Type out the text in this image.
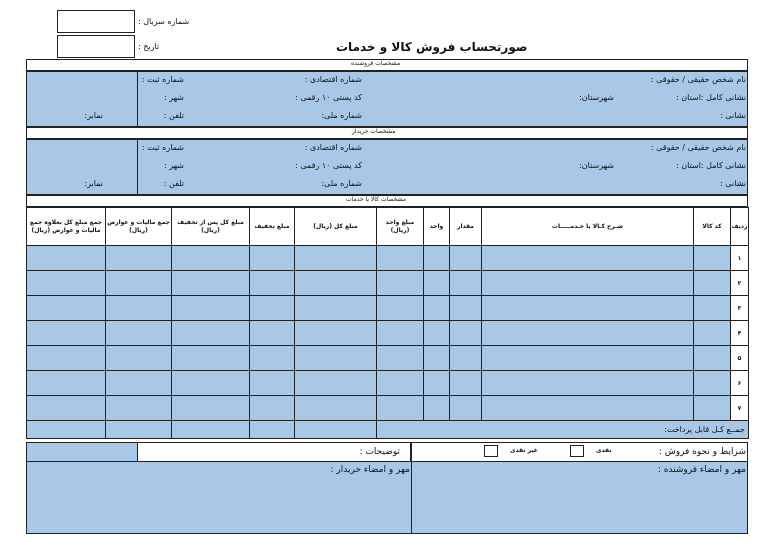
شماره سریال :
تاریخ :	صورتحساب فروش کالا و خدمات
مشخصات فروشنده
نام شخص حقیقی / حقوقی :
شماره اقتصادی :
شماره ثبت :
نشانی کامل :استان :
شهرستان:
کد پستی ۱۰ رقمی :
شهر :
نشانی :
شماره ملی:
تلفن :
نمابر:
مشخصات خریدار
نام شخص حقیقی / حقوقی :
شماره اقتصادی :
شماره ثبت :
نشانی کامل :استان :
شهرستان:
کد پستی ۱۰ رقمی :
شهر :
نشانی :
شماره ملی:
تلفن :
نمابر:
مشخصات کالا یا خدمات
ردیف	کد کالا	شـرح کـالا یا خـدمـــــات	مقدار	واحد	مبلغ واحد (ریال)	مبلغ کل (ریال)	مبلغ تخفیف	مبلغ کل پس از تخفیف (ریال)	جمع مالیات و عوارض (ریال)	جمع مبلغ کل بعلاوه جمع مالیات و عوارض (ریال)
۱										
۲										
۳										
۴										
۵										
۶										
۷										
جمــع کـل قابل پرداخت:										
شرایط و نحوه فروش :
نقدی
غیر نقدی
توضیحات :
مهر و امضاء فروشنده :
مهر و امضاء خریدار :
